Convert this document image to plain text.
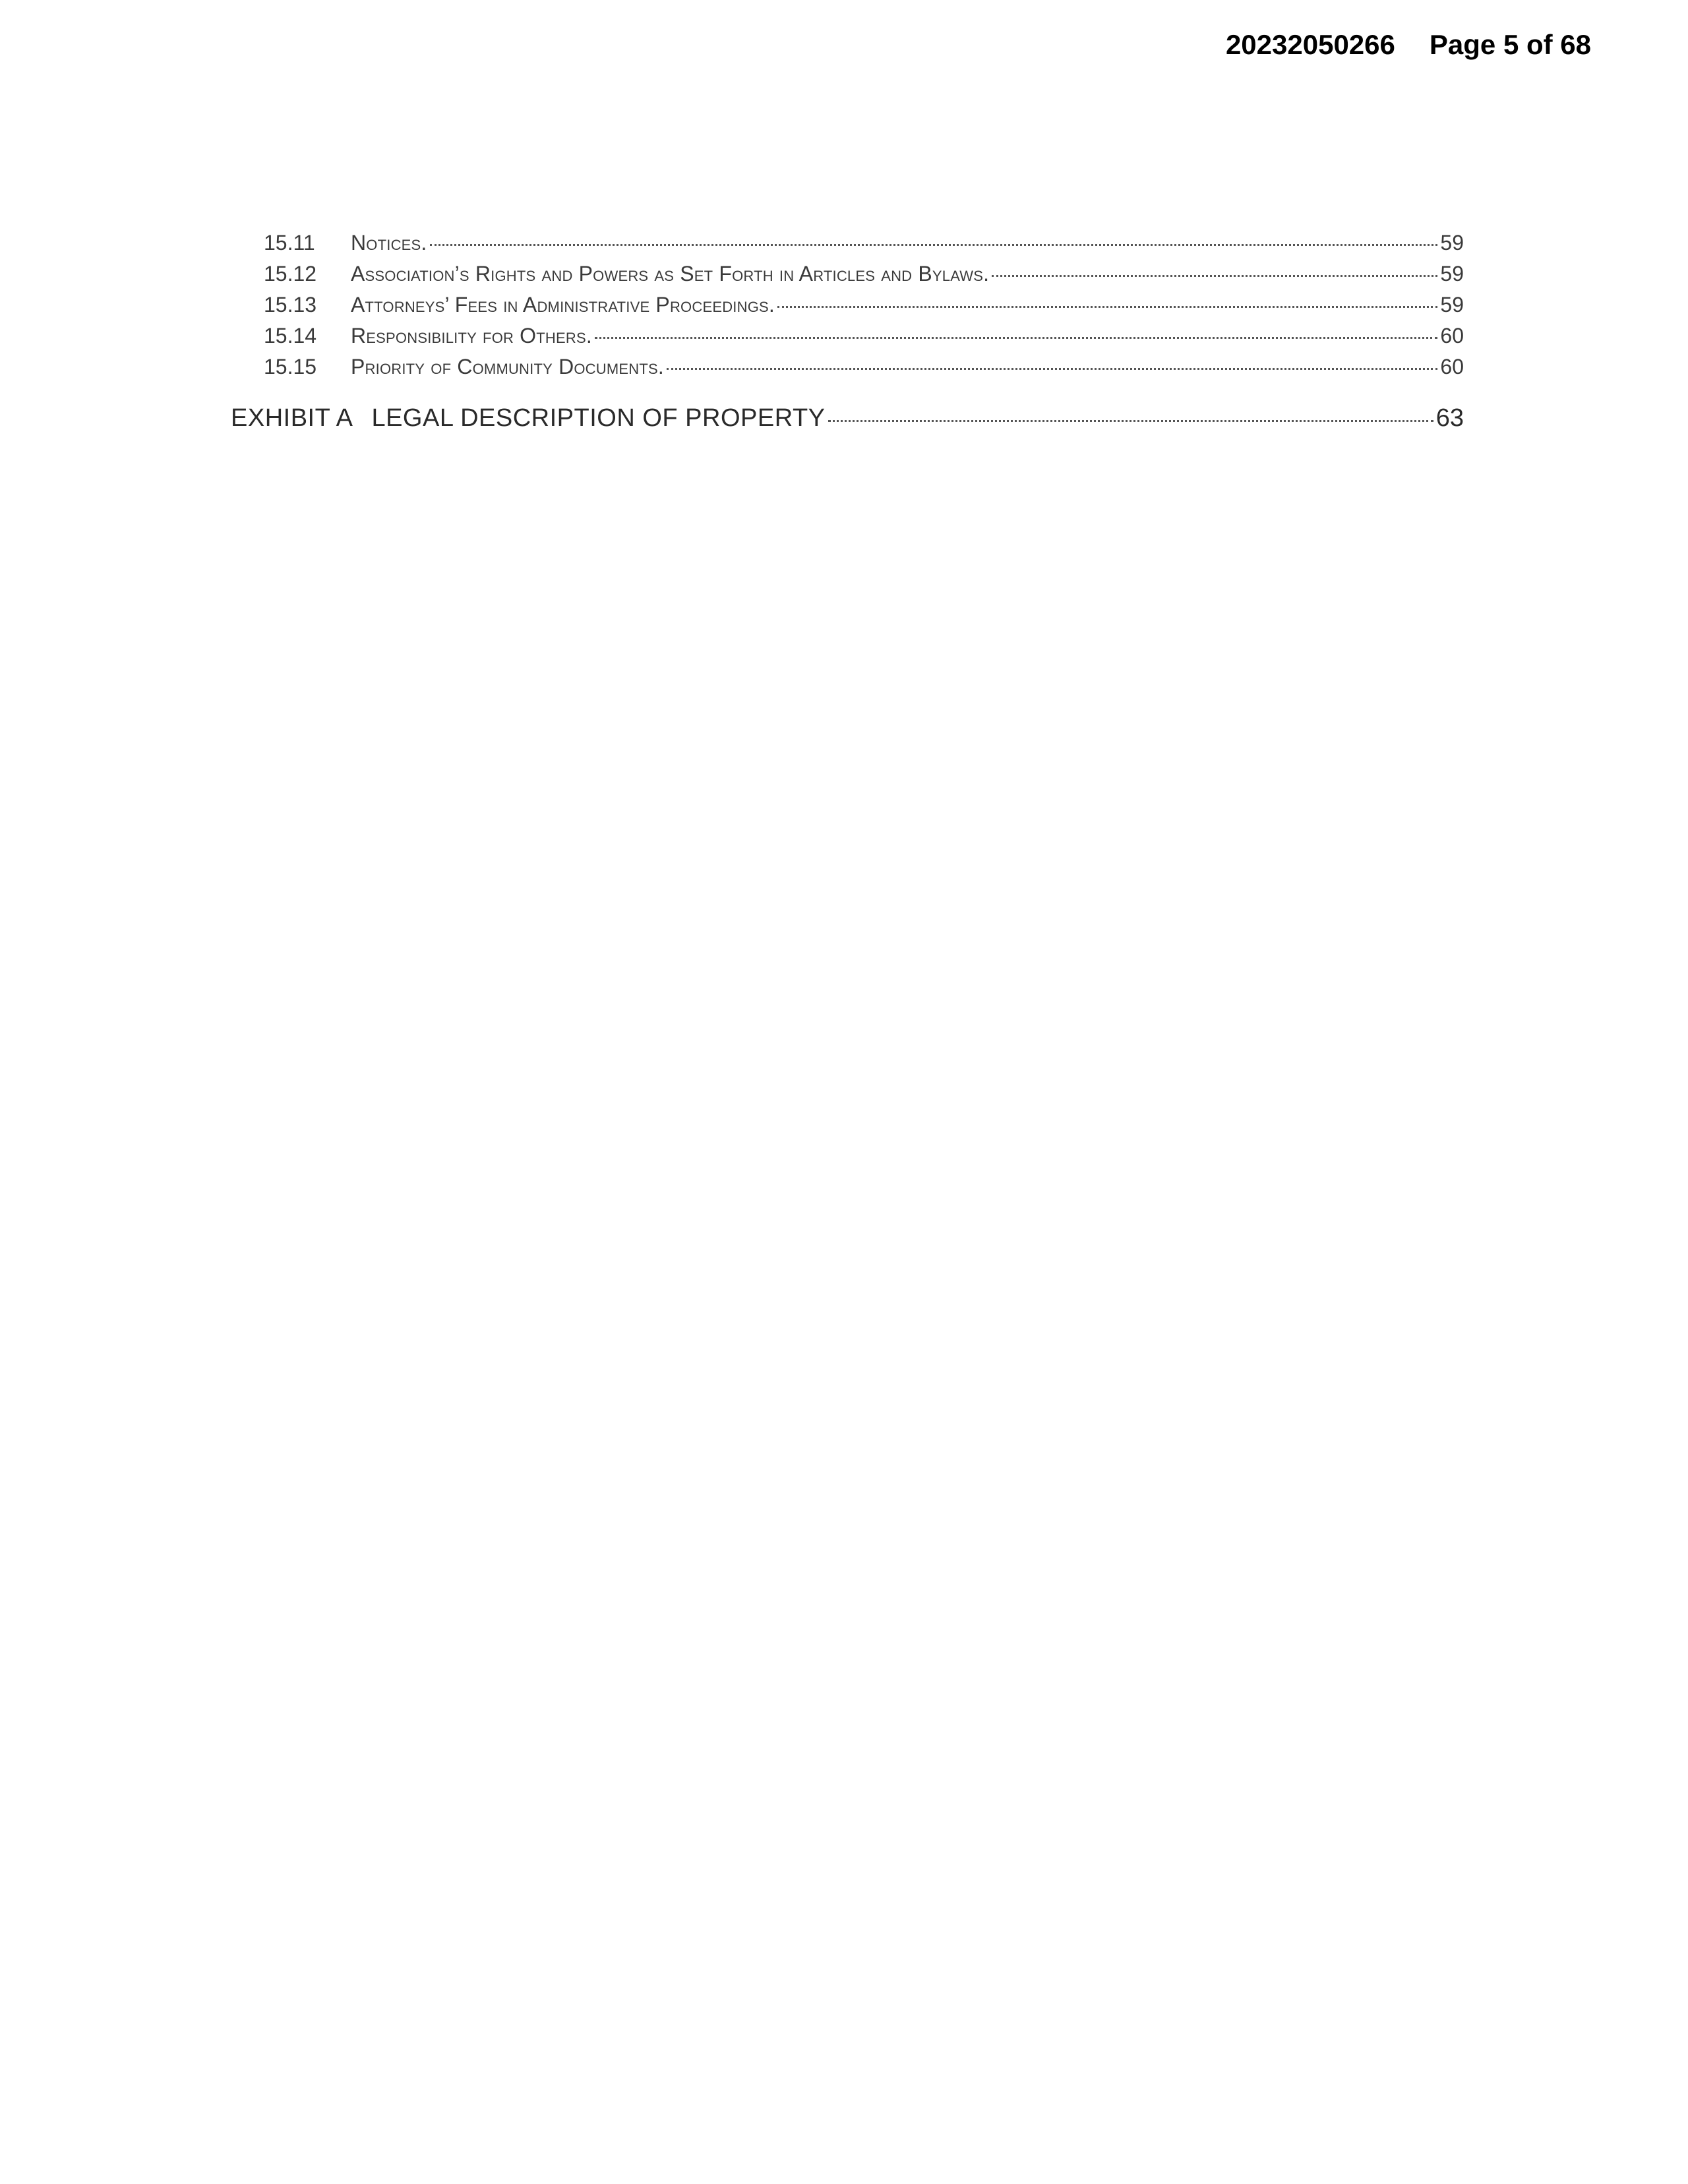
20232050266 Page 5 of 68
15.11	Notices.	59
15.12	Association’s Rights and Powers as Set Forth in Articles and Bylaws.	59
15.13	Attorneys’ Fees in Administrative Proceedings.	59
15.14	Responsibility for Others.	60
15.15	Priority of Community Documents.	60
EXHIBIT A LEGAL DESCRIPTION OF PROPERTY	63
